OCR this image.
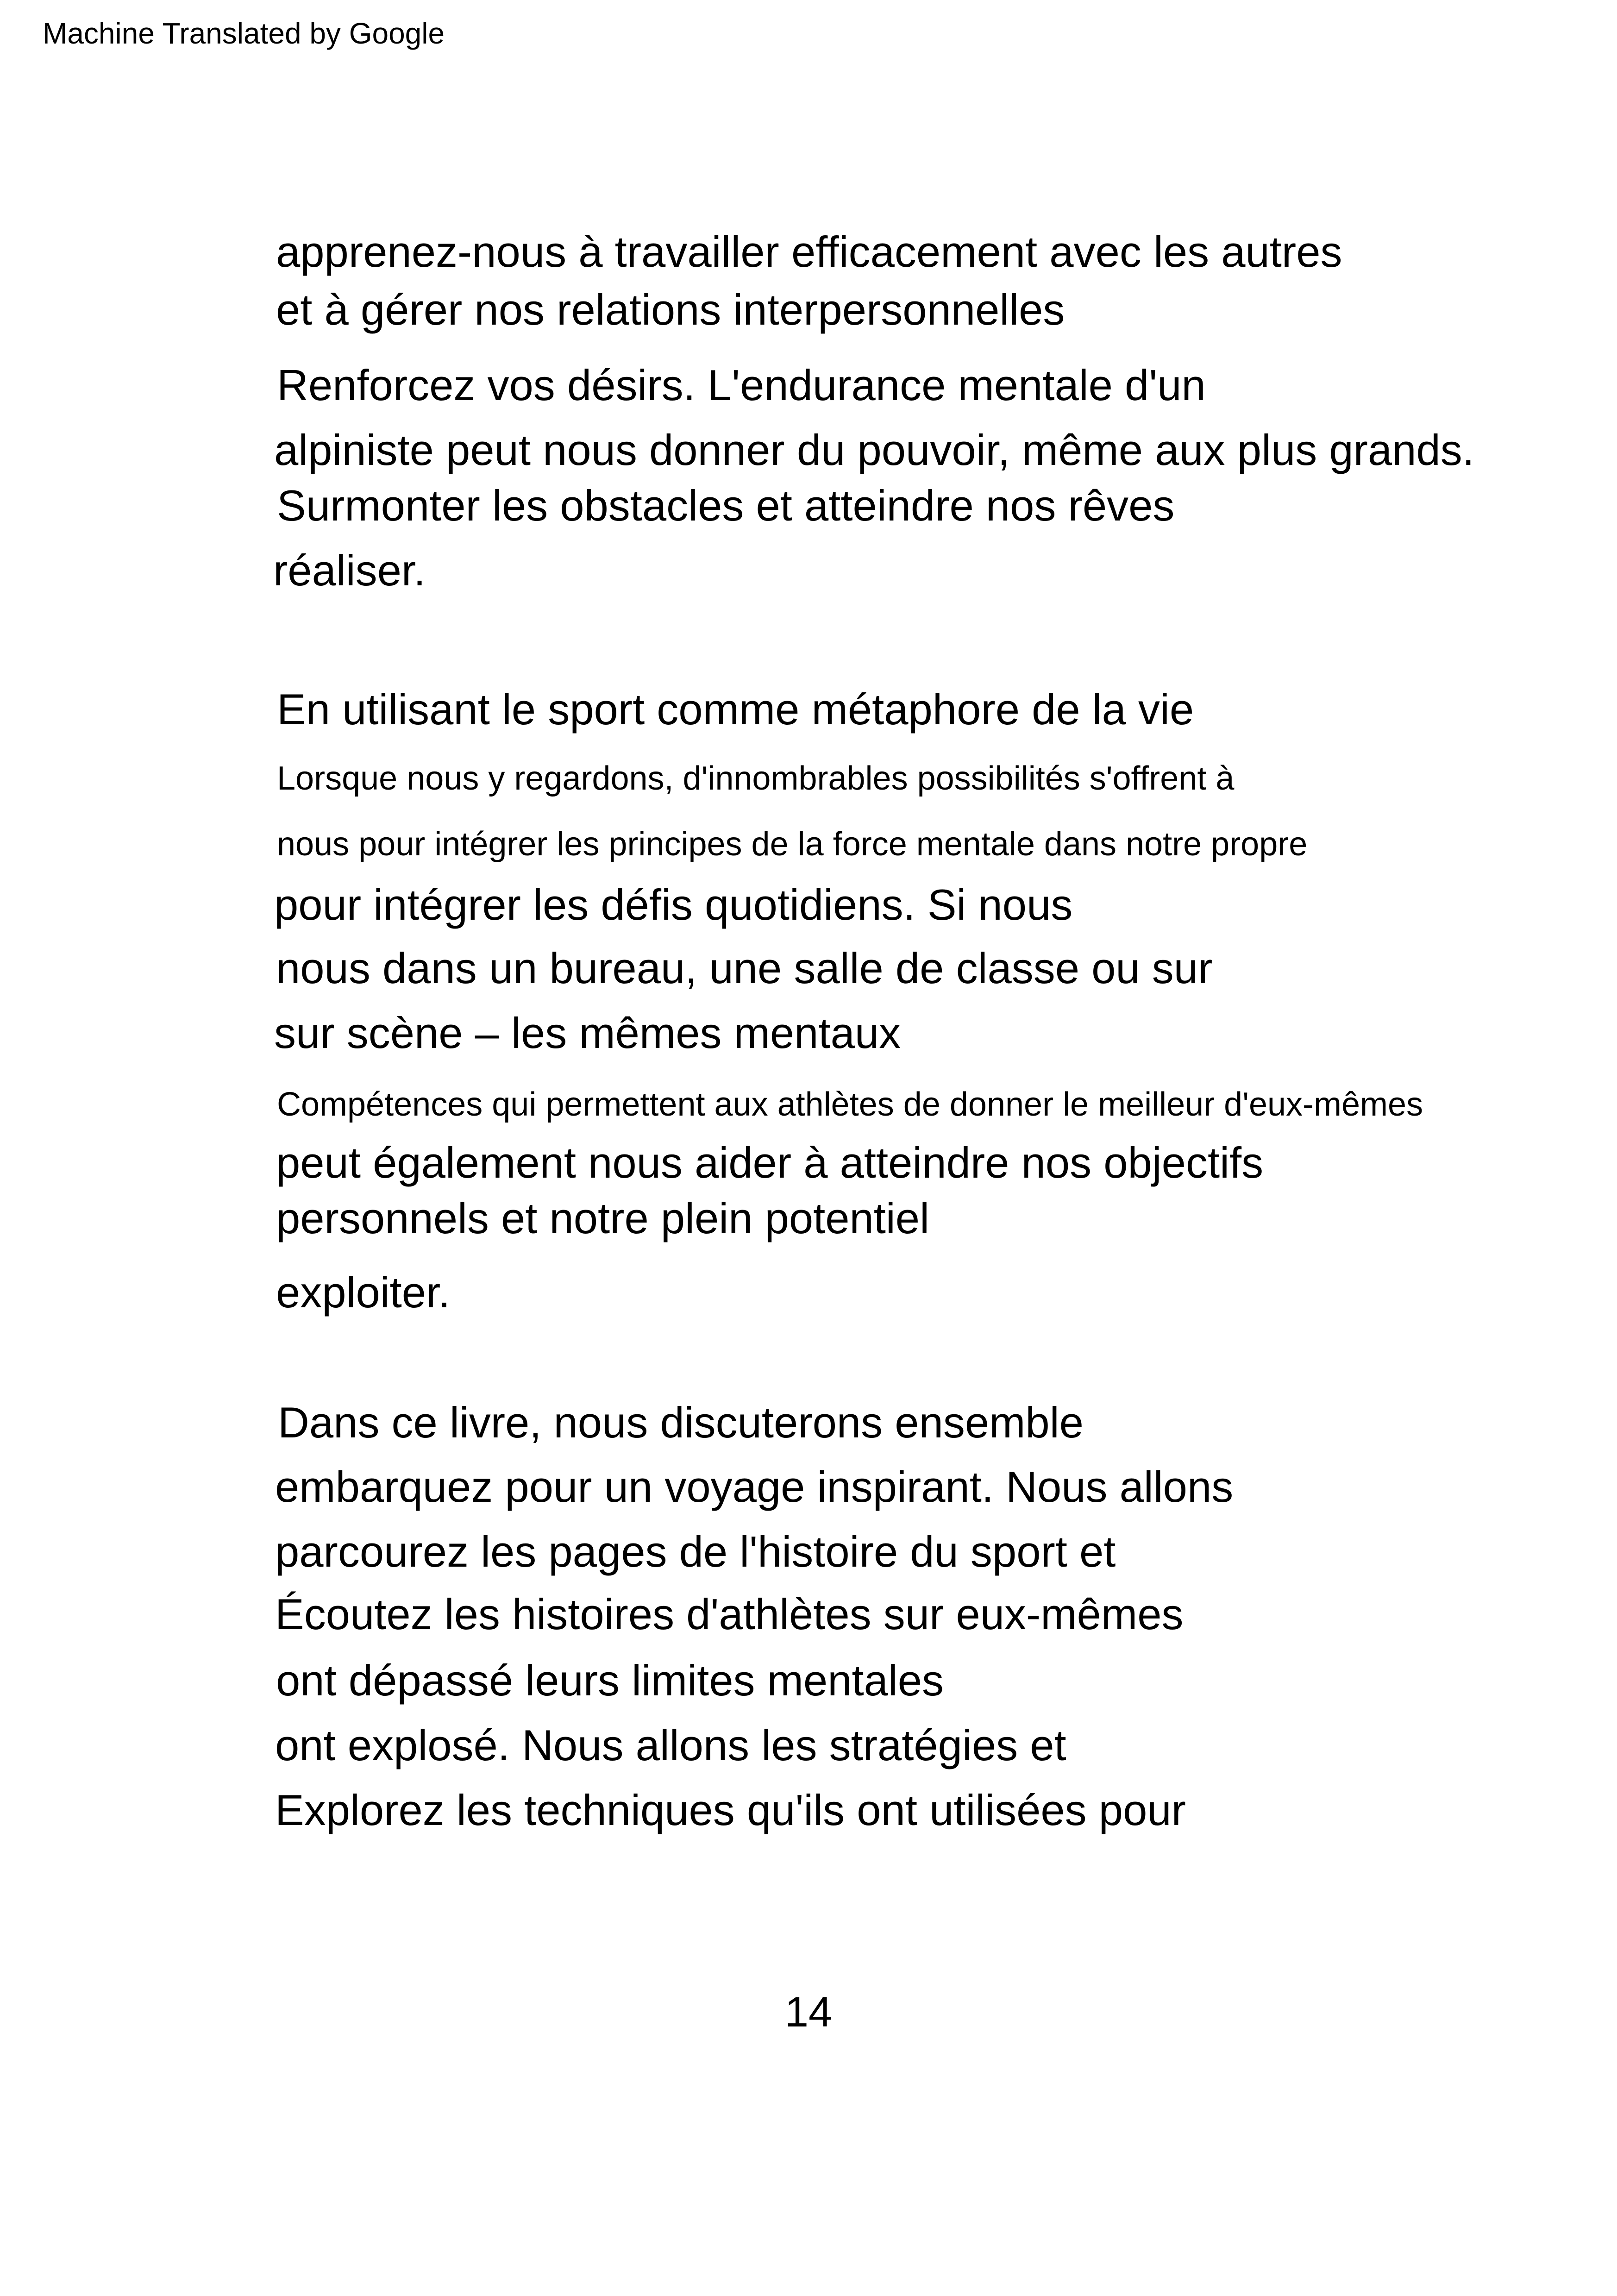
Machine Translated by Google
apprenez-nous à travailler efficacement avec les autres
et à gérer nos relations interpersonnelles
Renforcez vos désirs. L'endurance mentale d'un
alpiniste peut nous donner du pouvoir, même aux plus grands.
Surmonter les obstacles et atteindre nos rêves
réaliser.
En utilisant le sport comme métaphore de la vie
Lorsque nous y regardons, d'innombrables possibilités s'offrent à
nous pour intégrer les principes de la force mentale dans notre propre
pour intégrer les défis quotidiens. Si nous
nous dans un bureau, une salle de classe ou sur
sur scène – les mêmes mentaux
Compétences qui permettent aux athlètes de donner le meilleur d'eux-mêmes
peut également nous aider à atteindre nos objectifs
personnels et notre plein potentiel
exploiter.
Dans ce livre, nous discuterons ensemble
embarquez pour un voyage inspirant. Nous allons
parcourez les pages de l'histoire du sport et
Écoutez les histoires d'athlètes sur eux-mêmes
ont dépassé leurs limites mentales
ont explosé. Nous allons les stratégies et
Explorez les techniques qu'ils ont utilisées pour
14
